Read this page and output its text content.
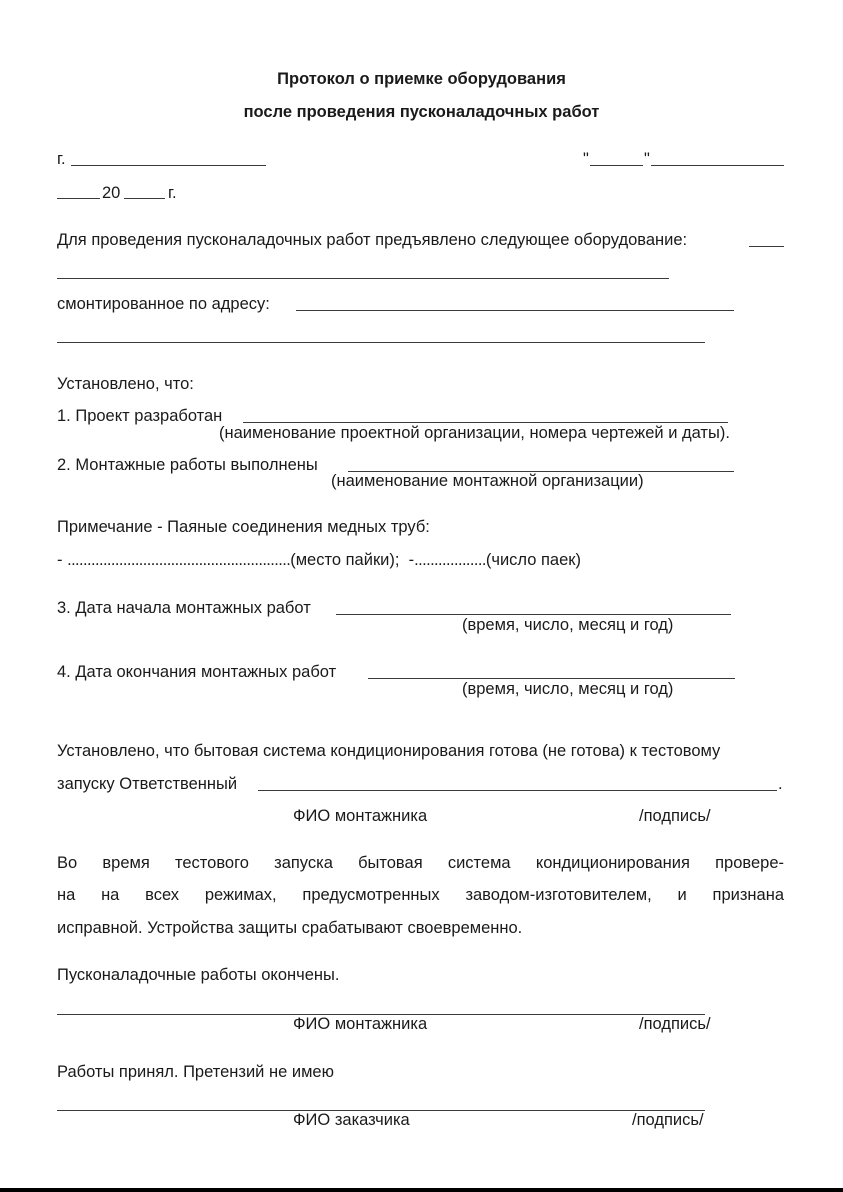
Протокол о приемке оборудования
после проведения пусконаладочных работ
г.	"	"
20	г.
Для проведения пусконаладочных работ предъявлено следующее оборудование:
смонтированное по адресу:
Установлено, что:
1. Проект разработан
(наименование проектной организации, номера чертежей и даты).
2. Монтажные работы выполнены
(наименование монтажной организации)
Примечание - Паяные соединения медных труб:
- ........................................................(место пайки); -..................(число паек)
3. Дата начала монтажных работ
(время, число, месяц и год)
4. Дата окончания монтажных работ
(время, число, месяц и год)
Установлено, что бытовая система кондиционирования готова (не готова) к тестовому
запуску Ответственный	.
ФИО монтажника	/подпись/
Во время тестового запуска бытовая система кондиционирования провере-
на на всех режимах, предусмотренных заводом-изготовителем, и признана
исправной. Устройства защиты срабатывают своевременно.
Пусконаладочные работы окончены.
ФИО монтажника	/подпись/
Работы принял. Претензий не имею
ФИО заказчика	/подпись/
